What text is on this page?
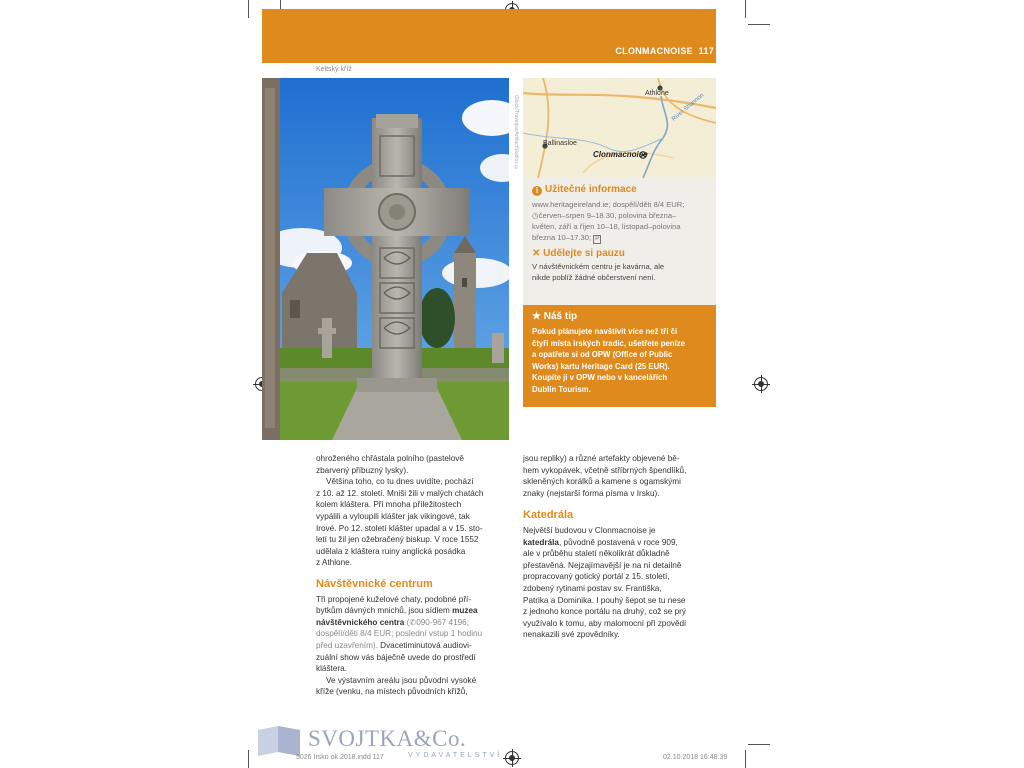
CLONMACNOISE 117
Keltský kříž
iStock/Travelpix/ArtifactStudios ©
Athlone
Ballinasloe
Clonmacnoise
River Shannon
i Užitečné informace

www.heritageireland.ie; dospělí/děti 8/4 EUR;
◷červen–srpen 9–18.30, polovina března–
květen, září a říjen 10–18, listopad–polovina
března 10–17.30; P

✕ Udělejte si pauzu

V návštěvnickém centru je kavárna, ale
nikde poblíž žádné občerstvení není.

★ Náš tip

Pokud plánujete navštívit více než tři či
čtyři místa irských tradic, ušetřete peníze
a opatřete si od OPW (Office of Public
Works) kartu Heritage Card (25 EUR).
Koupíte ji v OPW nebo v kancelářích
Dublin Tourism.

ohroženého chřástala polního (pastelově
zbarvený příbuzný lysky).

Většina toho, co tu dnes uvidíte, pochází
z 10. až 12. století. Mniši žili v malých chatách
kolem kláštera. Při mnoha příležitostech
vypálili a vyloupili klášter jak vikingové, tak
Irové. Po 12. století klášter upadal a v 15. sto-
letí tu žil jen ožebračený biskup. V roce 1552
udělala z kláštera ruiny anglická posádka
z Athlone.

Návštěvnické centrum

Tři propojené kuželové chaty, podobné pří-
bytkům dávných mnichů, jsou sídlem muzea
návštěvnického centra (✆090-967 4196;
dospělí/děti 8/4 EUR; poslední vstup 1 hodinu
před uzavřením). Dvacetiminutová audiovi-
zuální show vás báječně uvede do prostředí
kláštera.

Ve výstavním areálu jsou původní vysoké
kříže (venku, na místech původních křížů,

jsou repliky) a různé artefakty objevené bě-
hem vykopávek, včetně stříbrných špendlíků,
skleněných korálků a kamene s ogamskými
znaky (nejstarší forma písma v Irsku).

Katedrála

Největší budovou v Clonmacnoise je
katedrála, původně postavená v roce 909,
ale v průběhu staletí několikrát důkladně
přestavěná. Nejzajímavější je na ní detailně
propracovaný gotický portál z 15. století,
zdobený rytinami postav sv. Františka,
Patrika a Dominika. I pouhý šepot se tu nese
z jednoho konce portálu na druhý, což se prý
využívalo k tomu, aby malomocní při zpovědi
nenakazili své zpovědníky.

SVOJTKA&Co.
VYDAVATELSTVÍ
5026 Irsko ok 2018.indd 117	02.10.2018 16:48:39
